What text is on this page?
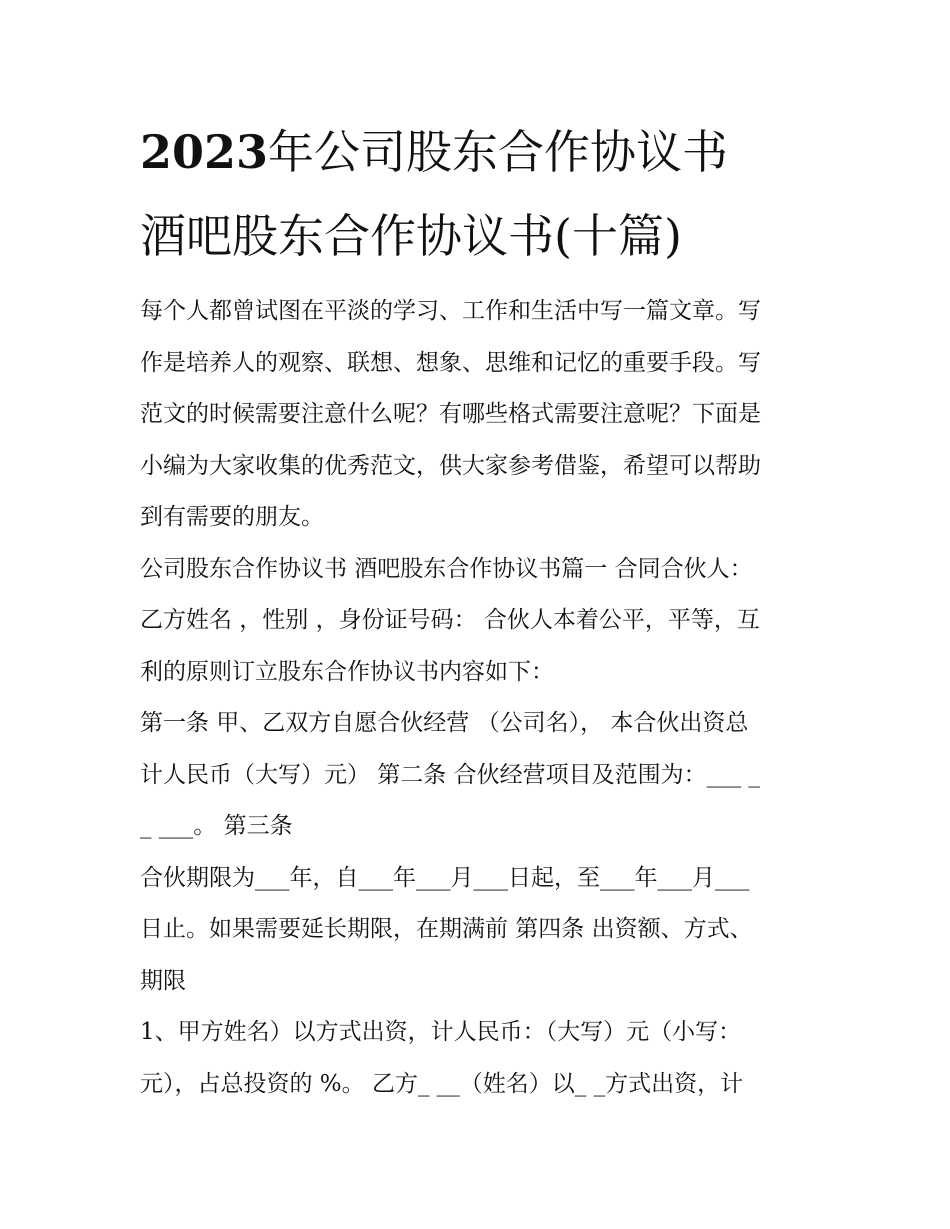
2023年公司股东合作协议书
酒吧股东合作协议书(十篇)

每个人都曾试图在平淡的学习、工作和生活中写一篇文章。写
作是培养人的观察、联想、想象、思维和记忆的重要手段。写
范文的时候需要注意什么呢？有哪些格式需要注意呢？下面是
小编为大家收集的优秀范文，供大家参考借鉴，希望可以帮助
到有需要的朋友。

公司股东合作协议书 酒吧股东合作协议书篇一 合同合伙人：
乙方姓名 ，性别 ，身份证号码： 合伙人本着公平，平等，互
利的原则订立股东合作协议书内容如下：

第一条 甲、乙双方自愿合伙经营 （公司名）， 本合伙出资总
计人民币（大写）元） 第二条 合伙经营项目及范围为：___ _
_ ___。 第三条

合伙期限为___年，自___年___月___日起，至___年___月___
日止。如果需要延长期限，在期满前 第四条 出资额、方式、
期限

1、甲方姓名）以方式出资，计人民币：（大写）元（小写：
元），占总投资的 %。 乙方_ __（姓名）以_ _方式出资，计
